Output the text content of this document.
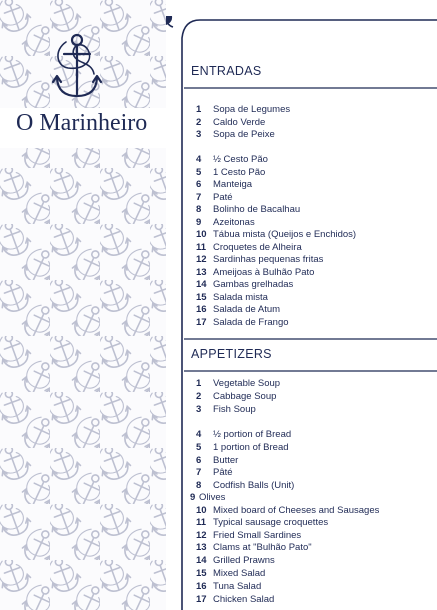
O Marinheiro
ENTRADAS
APPETIZERS
1 Sopa de Legumes
2 Caldo Verde
3 Sopa de Peixe
4 ½ Cesto Pão
5 1 Cesto Pão
6 Manteiga
7 Paté
8 Bolinho de Bacalhau
9 Azeitonas
10 Tábua mista (Queijos e Enchidos)
11 Croquetes de Alheira
12 Sardinhas pequenas fritas
13 Ameijoas à Bulhão Pato
14 Gambas grelhadas
15 Salada mista
16 Salada de Atum
17 Salada de Frango
1 Vegetable Soup
2 Cabbage Soup
3 Fish Soup
4 ½ portion of Bread
5 1 portion of Bread
6 Butter
7 Pâté
8 Codfish Balls (Unit)
9 Olives
10 Mixed board of Cheeses and Sausages
11 Typical sausage croquettes
12 Fried Small Sardines
13 Clams at "Bulhão Pato"
14 Grilled Prawns
15 Mixed Salad
16 Tuna Salad
17 Chicken Salad
